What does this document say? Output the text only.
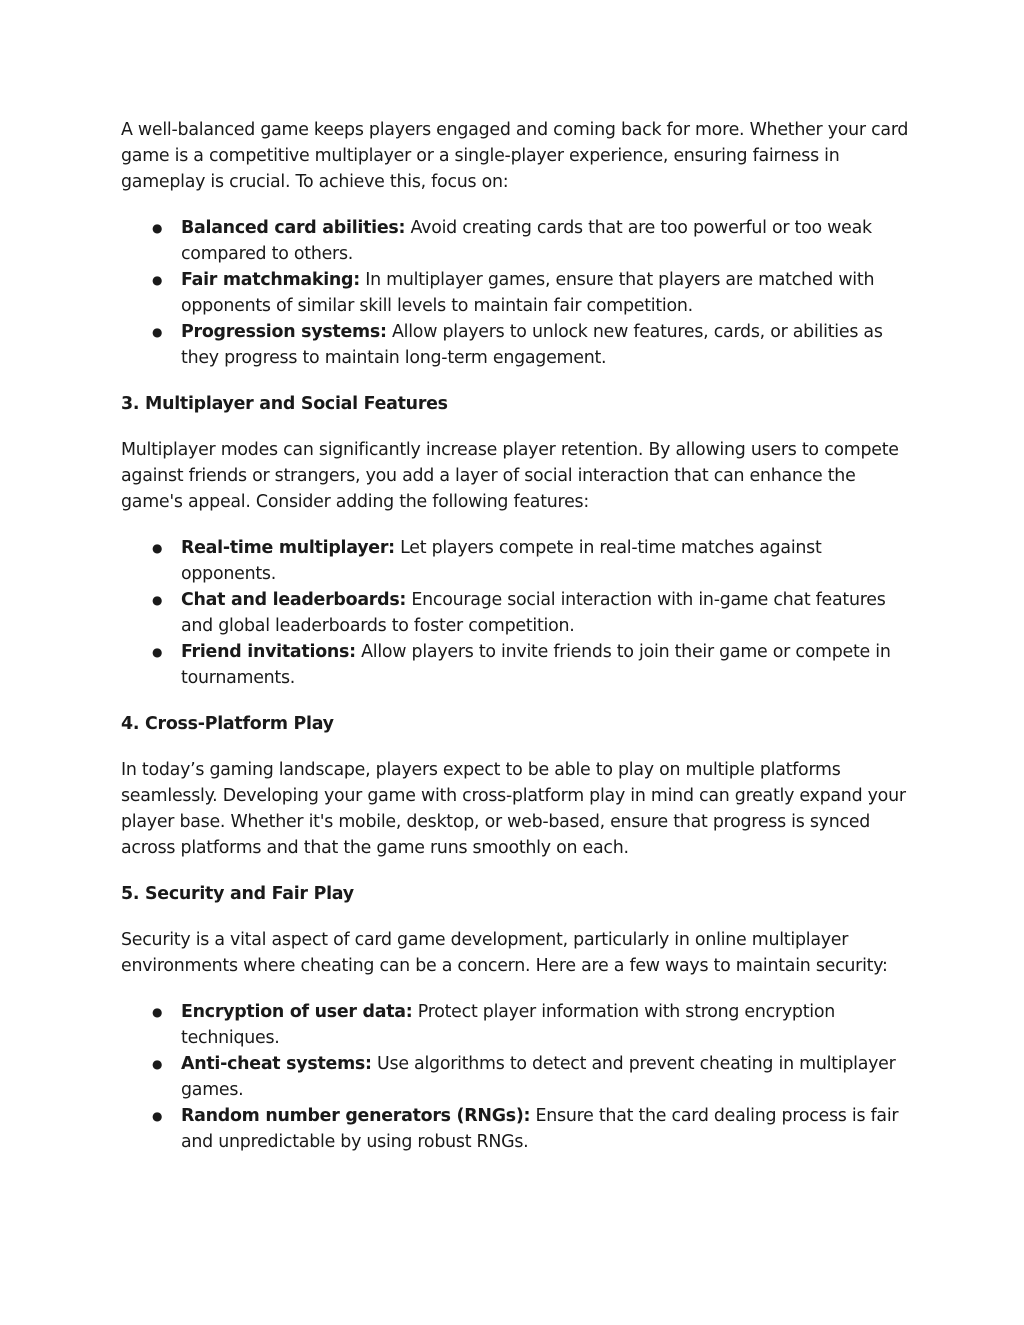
A well-balanced game keeps players engaged and coming back for more. Whether your card game is a competitive multiplayer or a single-player experience, ensuring fairness in gameplay is crucial. To achieve this, focus on:

● Balanced card abilities: Avoid creating cards that are too powerful or too weak compared to others.
● Fair matchmaking: In multiplayer games, ensure that players are matched with opponents of similar skill levels to maintain fair competition.
● Progression systems: Allow players to unlock new features, cards, or abilities as they progress to maintain long-term engagement.
3. Multiplayer and Social Features

Multiplayer modes can significantly increase player retention. By allowing users to compete against friends or strangers, you add a layer of social interaction that can enhance the game's appeal. Consider adding the following features:

● Real-time multiplayer: Let players compete in real-time matches against opponents.
● Chat and leaderboards: Encourage social interaction with in-game chat features and global leaderboards to foster competition.
● Friend invitations: Allow players to invite friends to join their game or compete in tournaments.
4. Cross-Platform Play

In today’s gaming landscape, players expect to be able to play on multiple platforms seamlessly. Developing your game with cross-platform play in mind can greatly expand your player base. Whether it's mobile, desktop, or web-based, ensure that progress is synced across platforms and that the game runs smoothly on each.

5. Security and Fair Play

Security is a vital aspect of card game development, particularly in online multiplayer environments where cheating can be a concern. Here are a few ways to maintain security:

● Encryption of user data: Protect player information with strong encryption techniques.
● Anti-cheat systems: Use algorithms to detect and prevent cheating in multiplayer games.
● Random number generators (RNGs): Ensure that the card dealing process is fair and unpredictable by using robust RNGs.
